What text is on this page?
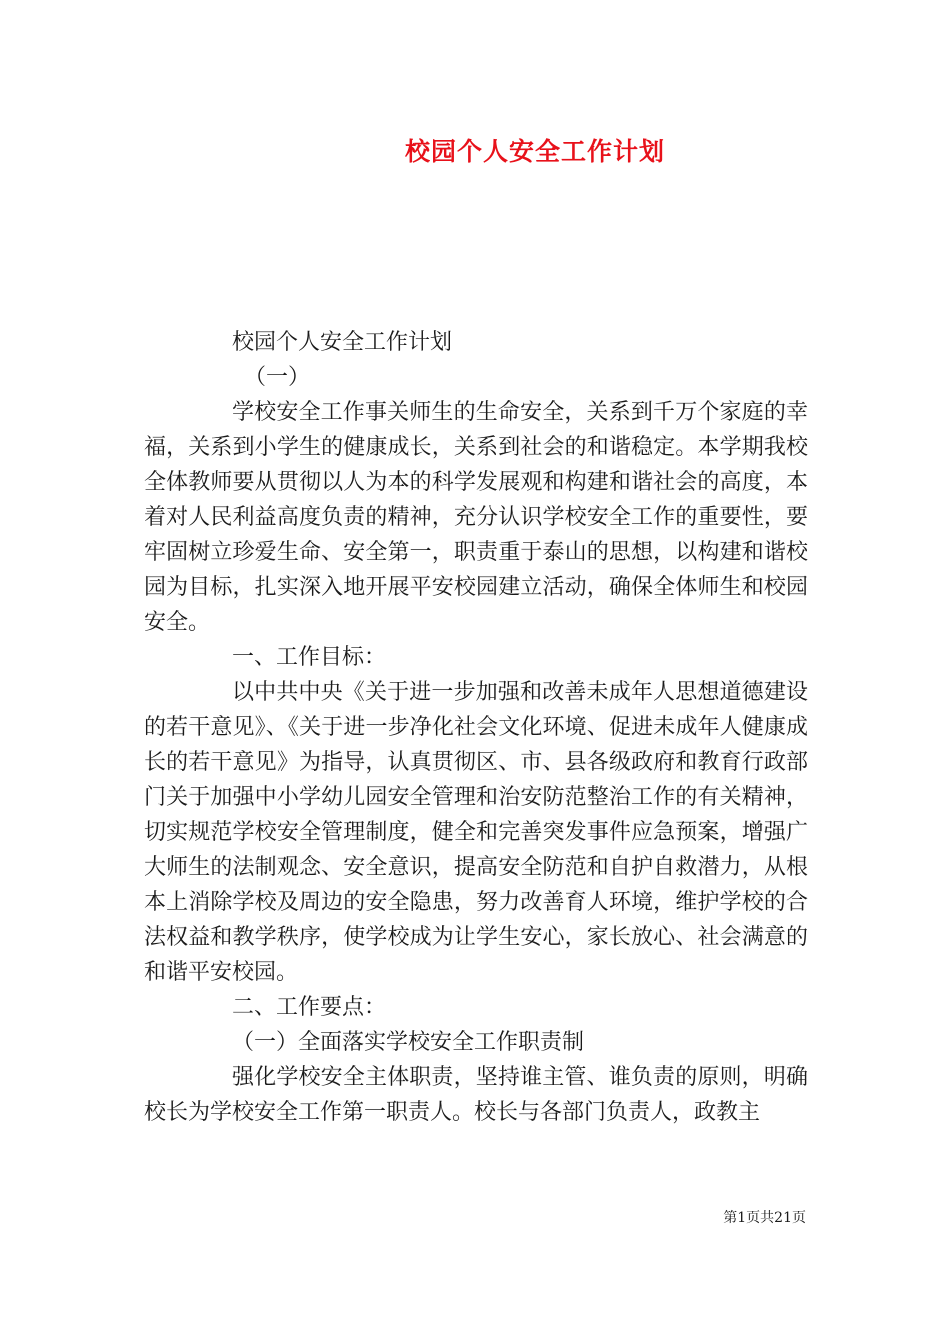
校园个人安全工作计划

校园个人安全工作计划

（一）

学校安全工作事关师生的生命安全，关系到千万个家庭的幸福，关系到小学生的健康成长，关系到社会的和谐稳定。本学期我校全体教师要从贯彻以人为本的科学发展观和构建和谐社会的高度，本着对人民利益高度负责的精神，充分认识学校安全工作的重要性，要牢固树立珍爱生命、安全第一，职责重于泰山的思想，以构建和谐校园为目标，扎实深入地开展平安校园建立活动，确保全体师生和校园安全。

一、工作目标：

以中共中央《关于进一步加强和改善未成年人思想道德建设的若干意见》、《关于进一步净化社会文化环境、促进未成年人健康成长的若干意见》为指导，认真贯彻区、市、县各级政府和教育行政部门关于加强中小学幼儿园安全管理和治安防范整治工作的有关精神，切实规范学校安全管理制度，健全和完善突发事件应急预案，增强广大师生的法制观念、安全意识，提高安全防范和自护自救潜力，从根本上消除学校及周边的安全隐患，努力改善育人环境，维护学校的合法权益和教学秩序，使学校成为让学生安心，家长放心、社会满意的和谐平安校园。

二、工作要点：

（一）全面落实学校安全工作职责制

强化学校安全主体职责，坚持谁主管、谁负责的原则，明确校长为学校安全工作第一职责人。校长与各部门负责人，政教主

第1页共21页
